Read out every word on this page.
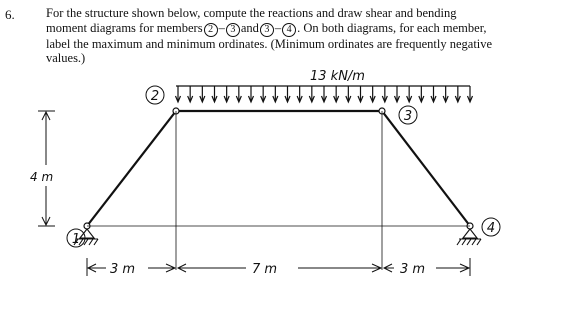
6.	For the structure shown below, compute the reactions and draw shear and bending
moment diagrams for members 2 – 3 and 3 – 4 . On both diagrams, for each member,
label the maximum and minimum ordinates. (Minimum ordinates are frequently negative
values.)
13 kN/m
4 m
3 m	7 m	3 m
2
3
1
4
